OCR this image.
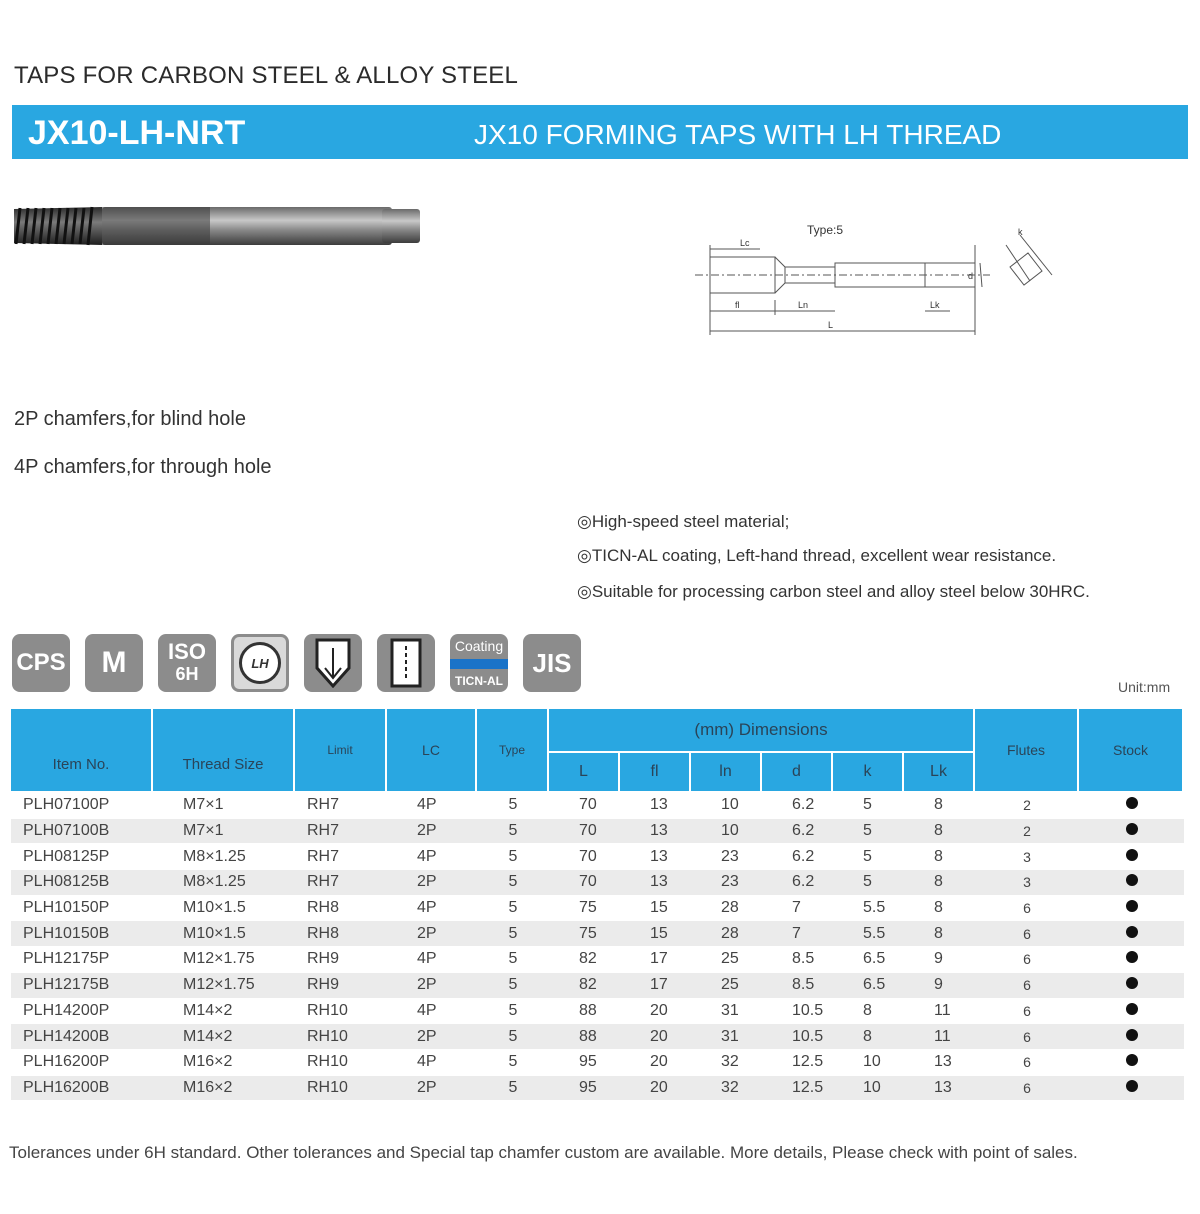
TAPS FOR CARBON STEEL & ALLOY STEEL
JX10-LH-NRT	JX10 FORMING TAPS WITH LH THREAD
Type:5
Lc
fl	Ln	Lk
L
d
k
2P chamfers,for blind hole
4P chamfers,for through hole
◎High-speed steel material;
◎TICN-AL coating, Left-hand thread, excellent wear resistance.
◎Suitable for processing carbon steel and alloy steel below 30HRC.
CPS	M	ISO
6H
LH
Coating
TICN-AL
JIS
Unit:mm
Item No.	Thread Size	Limit	LC	Type	(mm) Dimensions						Flutes	Stock
					L	fl	ln	d	k	Lk		
PLH07100P	M7×1	RH7	4P	5	70	13	10	6.2	5	8	2	
PLH07100B	M7×1	RH7	2P	5	70	13	10	6.2	5	8	2	
PLH08125P	M8×1.25	RH7	4P	5	70	13	23	6.2	5	8	3	
PLH08125B	M8×1.25	RH7	2P	5	70	13	23	6.2	5	8	3	
PLH10150P	M10×1.5	RH8	4P	5	75	15	28	7	5.5	8	6	
PLH10150B	M10×1.5	RH8	2P	5	75	15	28	7	5.5	8	6	
PLH12175P	M12×1.75	RH9	4P	5	82	17	25	8.5	6.5	9	6	
PLH12175B	M12×1.75	RH9	2P	5	82	17	25	8.5	6.5	9	6	
PLH14200P	M14×2	RH10	4P	5	88	20	31	10.5	8	11	6	
PLH14200B	M14×2	RH10	2P	5	88	20	31	10.5	8	11	6	
PLH16200P	M16×2	RH10	4P	5	95	20	32	12.5	10	13	6	
PLH16200B	M16×2	RH10	2P	5	95	20	32	12.5	10	13	6	
Tolerances under 6H standard. Other tolerances and Special tap chamfer custom are available. More details, Please check with point of sales.
